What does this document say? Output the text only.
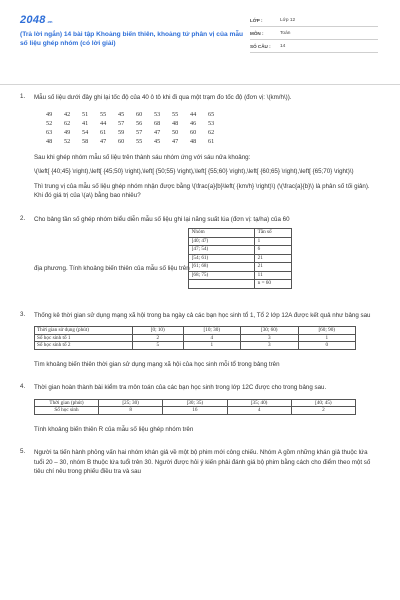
2048 .vn
(Trả lời ngắn) 14 bài tập Khoảng biến thiên, khoảng tứ phân vị của mẫu số liệu ghép nhóm (có lời giải)
LỚP :	Lớp 12
MÔN :	Toán
SỐ CÂU :	14
1. Mẫu số liệu dưới đây ghi lại tốc độ của 40 ô tô khi đi qua một trạm đo tốc độ (đơn vị: \(km/h\)).
49	42	51	55	45	60	53	55	44	65
52	62	41	44	57	56	68	48	46	53
63	49	54	61	59	57	47	50	60	62
48	52	58	47	60	55	45	47	48	61
Sau khi ghép nhóm mẫu số liệu trên thành sáu nhóm ứng với sáu nửa khoảng:
\(\left[ {40;45} \right),\left[ {45;50} \right),\left[ {50;55} \right),\left[ {55;60} \right),\left[ {60;65} \right),\left[ {65;70} \right)\)
Thì trung vị của mẫu số liệu ghép nhóm nhận được bằng \(\frac{a}{b}\left( {km/h} \right)\) (\(\frac{a}{b}\) là phân số tối giản). Khi đó giá trị của \(a\) bằng bao nhiêu?
2. Cho bảng tần số ghép nhóm biểu diễn mẫu số liệu ghi lại năng suất lúa (đơn vị: tạ/ha) của 60
địa phương. Tính khoảng biến thiên của mẫu số liệu trên
Nhóm	Tần số
[40; 47)	1
[47; 54)	6
[54; 61)	21
[61; 68)	21
[68; 75)	11
	n = 60
3. Thống kê thời gian sử dụng mạng xã hội trong ba ngày cả các bạn học sinh tổ 1, Tổ 2 lớp 12A được kết quả như bảng sau
Thời gian sử dụng (phút)	[0; 10)	[10; 30)	[30; 60)	[60; 90)
Số học sinh tổ 1	2	4	3	1
Số học sinh tổ 2	5	1	3	0
Tìm khoảng biến thiên thời gian sử dụng mạng xã hội của học sinh mỗi tổ trong bảng trên
4. Thời gian hoàn thành bài kiểm tra môn toán của các bạn học sinh trong lớp 12C được cho trong bảng sau.
Thời gian (phút)	[25; 30)	[30; 35)	[35; 40)	[40; 45)
Số học sinh	8	16	4	2
Tính khoảng biến thiên R của mẫu số liệu ghép nhóm trên
5. Người ta tiến hành phỏng vấn hai nhóm khán giả về một bộ phim mới công chiếu. Nhóm A gồm những khán giả thuộc lứa tuổi 20 – 30, nhóm B thuộc lứa tuổi trên 30. Người được hỏi ý kiến phải đánh giá bộ phim bằng cách cho điểm theo một số tiêu chí nêu trong phiếu điều tra và sau
